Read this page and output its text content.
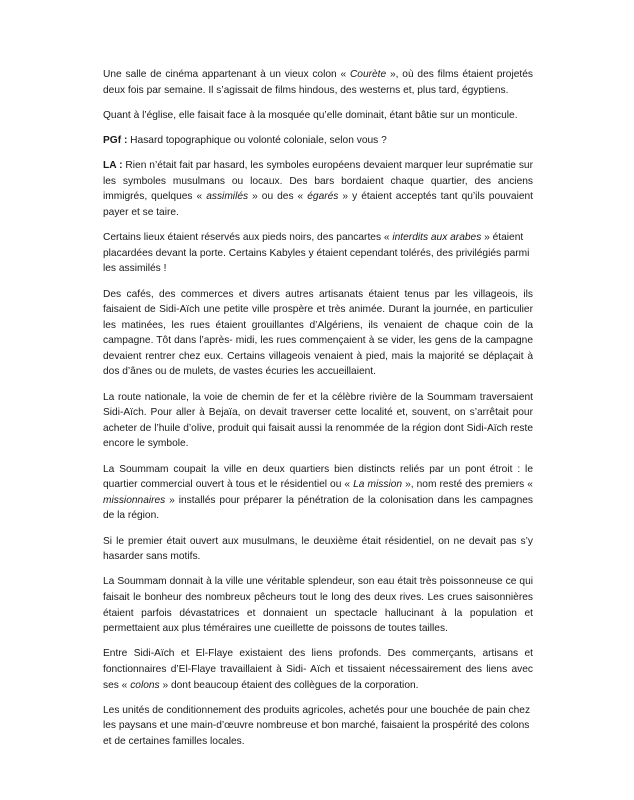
Une salle de cinéma appartenant à un vieux colon « Courète », où des films étaient projetés deux fois par semaine. Il s’agissait de films hindous, des westerns et, plus tard, égyptiens.

Quant à l’église, elle faisait face à la mosquée qu’elle dominait, étant bâtie sur un monticule.

PGf : Hasard topographique ou volonté coloniale, selon vous ?

LA : Rien n’était fait par hasard, les symboles européens devaient marquer leur suprématie sur les symboles musulmans ou locaux. Des bars bordaient chaque quartier, des anciens immigrés, quelques « assimilés » ou des « égarés » y étaient acceptés tant qu’ils pouvaient payer et se taire.

Certains lieux étaient réservés aux pieds noirs, des pancartes « interdits aux arabes » étaient placardées devant la porte. Certains Kabyles y étaient cependant tolérés, des privilégiés parmi les assimilés !

Des cafés, des commerces et divers autres artisanats étaient tenus par les villageois, ils faisaient de Sidi-Aïch une petite ville prospère et très animée. Durant la journée, en particulier les matinées, les rues étaient grouillantes d’Algériens, ils venaient de chaque coin de la campagne. Tôt dans l’après- midi, les rues commençaient à se vider, les gens de la campagne devaient rentrer chez eux. Certains villageois venaient à pied, mais la majorité se déplaçait à dos d’ânes ou de mulets, de vastes écuries les accueillaient.

La route nationale, la voie de chemin de fer et la célèbre rivière de la Soummam traversaient Sidi-Aïch. Pour aller à Bejaïa, on devait traverser cette localité et, souvent, on s’arrêtait pour acheter de l’huile d’olive, produit qui faisait aussi la renommée de la région dont Sidi-Aïch reste encore le symbole.

La Soummam coupait la ville en deux quartiers bien distincts reliés par un pont étroit : le quartier commercial ouvert à tous et le résidentiel ou « La mission », nom resté des premiers « missionnaires » installés pour préparer la pénétration de la colonisation dans les campagnes de la région.

Si le premier était ouvert aux musulmans, le deuxième était résidentiel, on ne devait pas s’y hasarder sans motifs.

La Soummam donnait à la ville une véritable splendeur, son eau était très poissonneuse ce qui faisait le bonheur des nombreux pêcheurs tout le long des deux rives. Les crues saisonnières étaient parfois dévastatrices et donnaient un spectacle hallucinant à la population et permettaient aux plus téméraires une cueillette de poissons de toutes tailles.

Entre Sidi-Aïch et El-Flaye existaient des liens profonds. Des commerçants, artisans et fonctionnaires d’El-Flaye travaillaient à Sidi- Aïch et tissaient nécessairement des liens avec ses « colons » dont beaucoup étaient des collègues de la corporation.

Les unités de conditionnement des produits agricoles, achetés pour une bouchée de pain chez les paysans et une main-d’œuvre nombreuse et bon marché, faisaient la prospérité des colons et de certaines familles locales.
